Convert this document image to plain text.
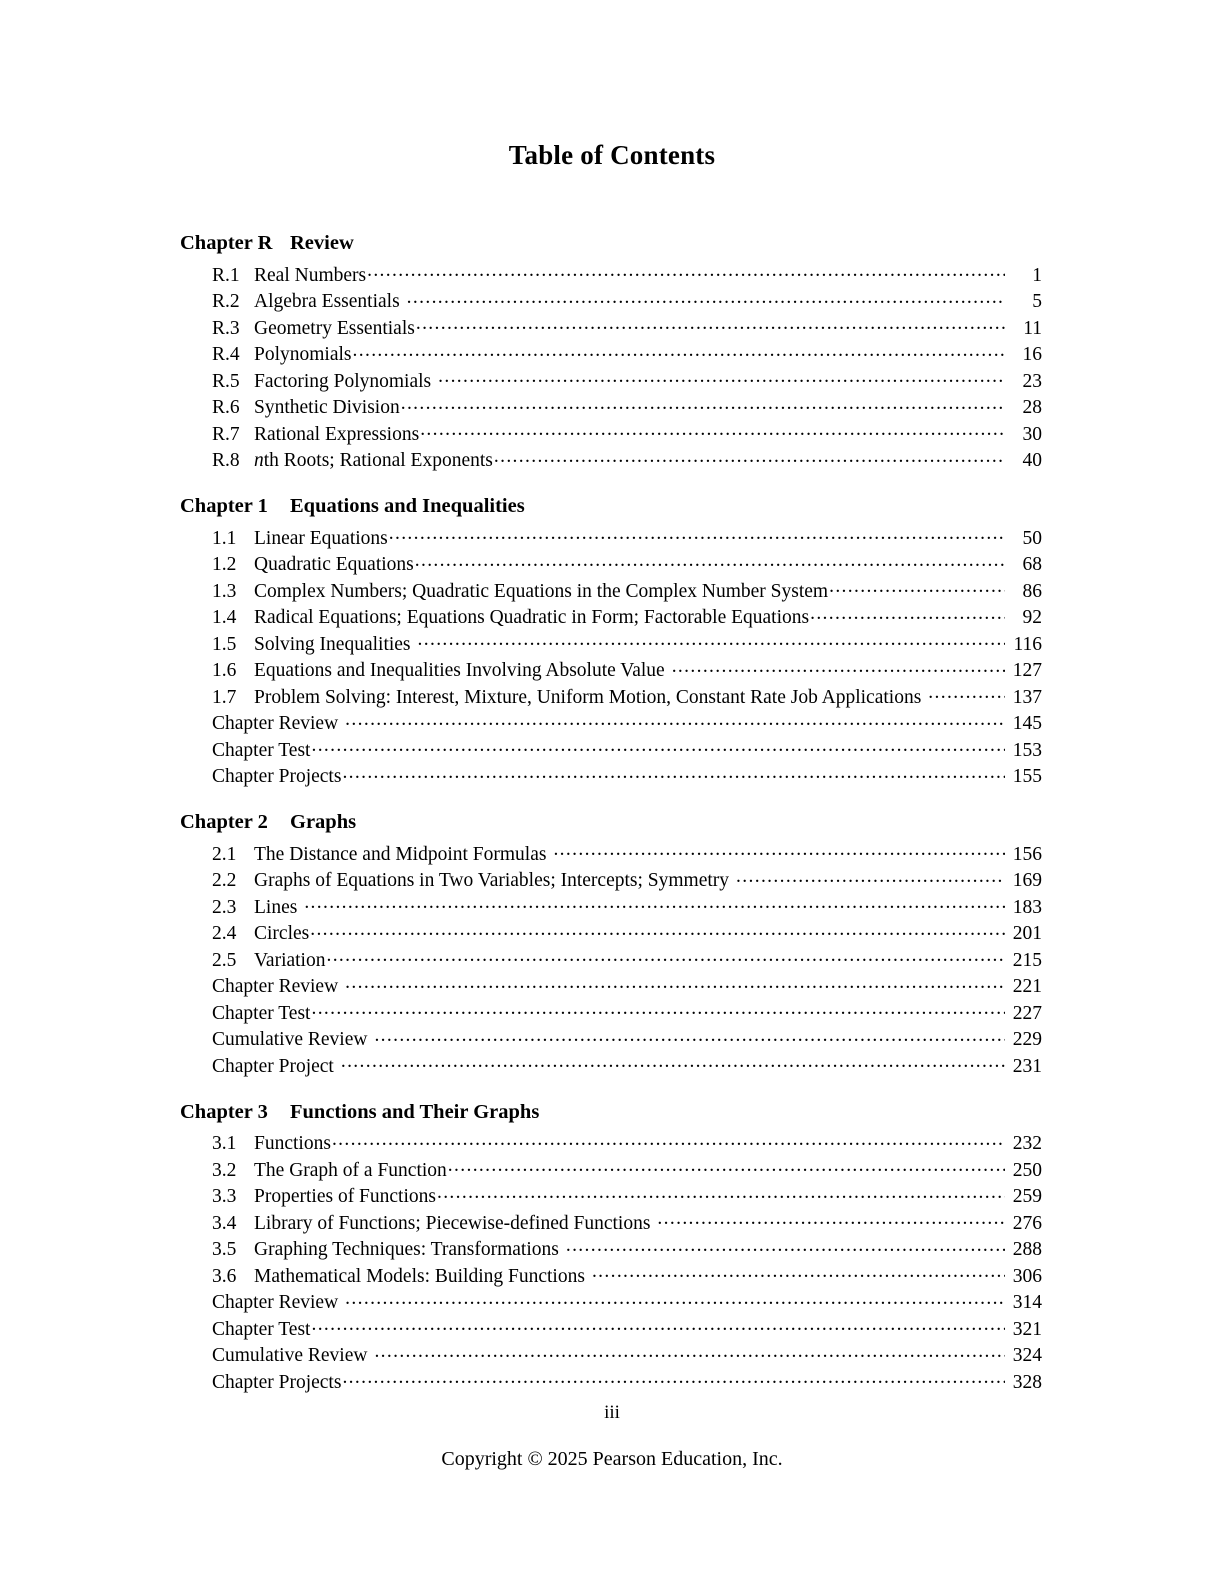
Table of Contents
Chapter R Review
R.1 Real Numbers .....	1
R.2 Algebra Essentials .....	5
R.3 Geometry Essentials .....	11
R.4 Polynomials .....	16
R.5 Factoring Polynomials .....	23
R.6 Synthetic Division .....	28
R.7 Rational Expressions .....	30
R.8 nth Roots; Rational Exponents .....	40
Chapter 1 Equations and Inequalities
1.1 Linear Equations .....	50
1.2 Quadratic Equations .....	68
1.3 Complex Numbers; Quadratic Equations in the Complex Number System .....	86
1.4 Radical Equations; Equations Quadratic in Form; Factorable Equations .....	92
1.5 Solving Inequalities .....	116
1.6 Equations and Inequalities Involving Absolute Value .....	127
1.7 Problem Solving: Interest, Mixture, Uniform Motion, Constant Rate Job Applications .....	137
Chapter Review .....	145
Chapter Test .....	153
Chapter Projects .....	155
Chapter 2 Graphs
2.1 The Distance and Midpoint Formulas .....	156
2.2 Graphs of Equations in Two Variables; Intercepts; Symmetry .....	169
2.3 Lines .....	183
2.4 Circles .....	201
2.5 Variation .....	215
Chapter Review .....	221
Chapter Test .....	227
Cumulative Review .....	229
Chapter Project .....	231
Chapter 3 Functions and Their Graphs
3.1 Functions .....	232
3.2 The Graph of a Function .....	250
3.3 Properties of Functions .....	259
3.4 Library of Functions; Piecewise-defined Functions .....	276
3.5 Graphing Techniques: Transformations .....	288
3.6 Mathematical Models: Building Functions .....	306
Chapter Review .....	314
Chapter Test .....	321
Cumulative Review .....	324
Chapter Projects .....	328
iii
Copyright © 2025 Pearson Education, Inc.
